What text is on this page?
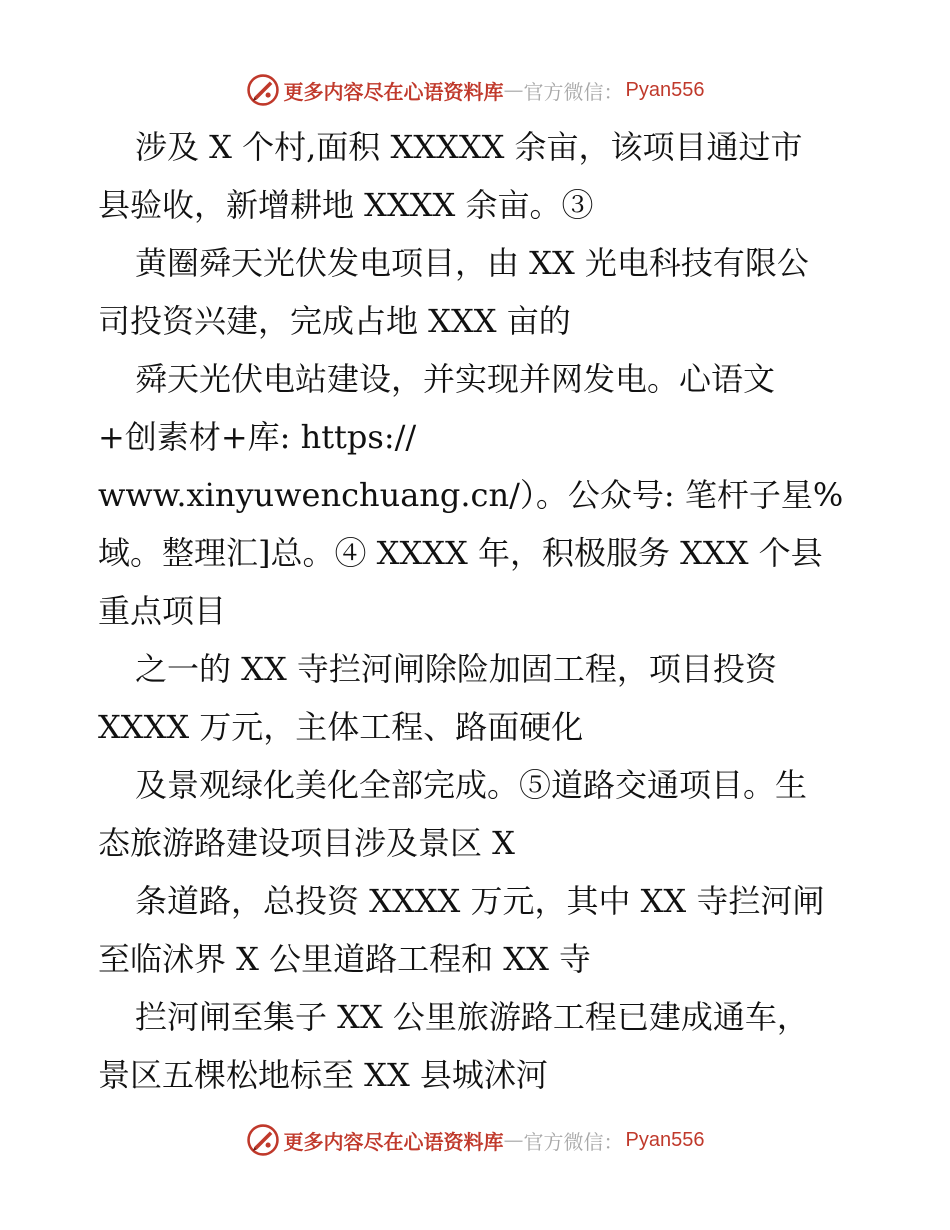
更多内容尽在心语资料库 — 官方微信： Pyan556
涉及 X 个村,面积 XXXXX 余亩，该项目通过市
县验收，新增耕地 XXXX 余亩。③
黄圈舜天光伏发电项目，由 XX 光电科技有限公
司投资兴建，完成占地 XXX 亩的
舜天光伏电站建设，并实现并网发电。心语文
+创素材+库: https://
www.xinyuwenchuang.cn/）。公众号: 笔杆子星%
域。整理汇]总。④ XXXX 年，积极服务 XXX 个县
重点项目
之一的 XX 寺拦河闸除险加固工程，项目投资
XXXX 万元，主体工程、路面硬化
及景观绿化美化全部完成。⑤道路交通项目。生
态旅游路建设项目涉及景区 X
条道路，总投资 XXXX 万元，其中 XX 寺拦河闸
至临沭界 X 公里道路工程和 XX 寺
拦河闸至集子 XX 公里旅游路工程已建成通车，
景区五棵松地标至 XX 县城沭河
更多内容尽在心语资料库 — 官方微信： Pyan556
